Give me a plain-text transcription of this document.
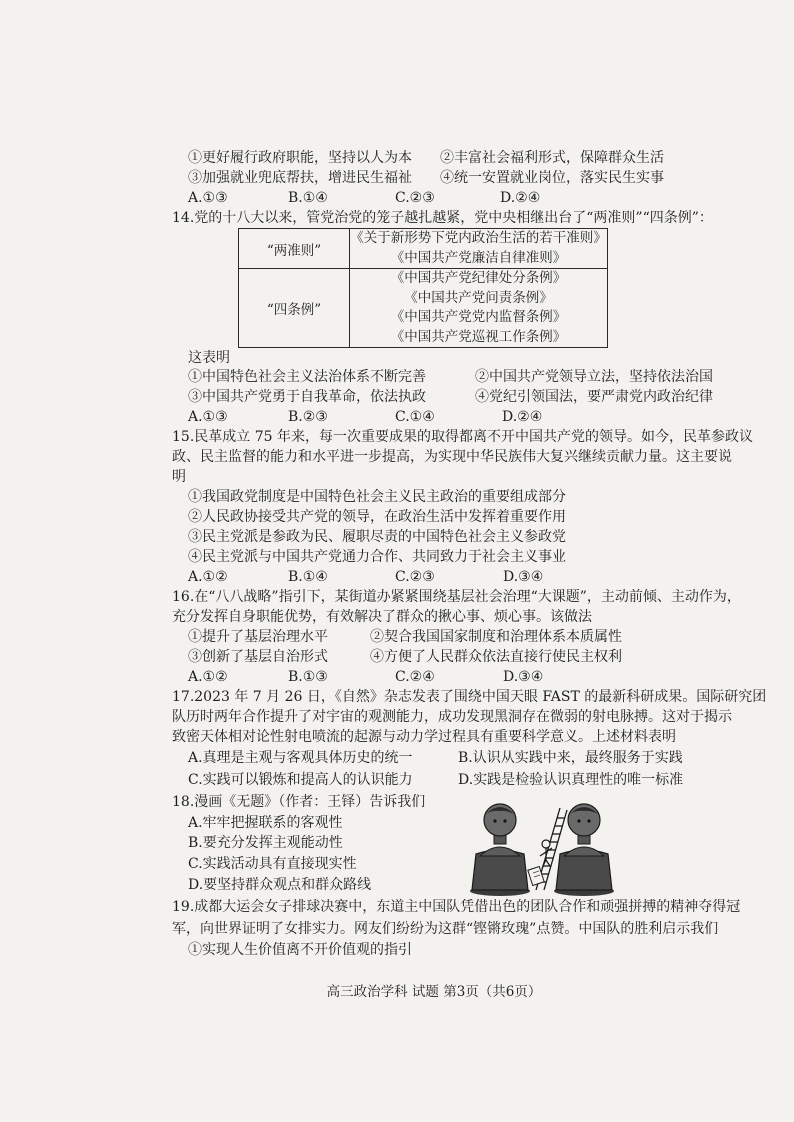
①更好履行政府职能，坚持以人为本 ②丰富社会福利形式，保障群众生活
③加强就业兜底帮扶，增进民生福祉 ④统一安置就业岗位，落实民生实事
A.①③	B.①④	C.②③	D.②④
14.党的十八大以来，管党治党的笼子越扎越紧，党中央相继出台了“两准则”“四条例”：
“两准则”	《关于新形势下党内政治生活的若干准则》
《中国共产党廉洁自律准则》

“四条例”	《中国共产党纪律处分条例》
《中国共产党问责条例》
《中国共产党党内监督条例》
《中国共产党巡视工作条例》
这表明
①中国特色社会主义法治体系不断完善	②中国共产党领导立法，坚持依法治国
③中国共产党勇于自我革命，依法执政	④党纪引领国法，要严肃党内政治纪律
A.①③	B.②③	C.①④	D.②④
15.民革成立 75 年来，每一次重要成果的取得都离不开中国共产党的领导。如今，民革参政议
政、民主监督的能力和水平进一步提高，为实现中华民族伟大复兴继续贡献力量。这主要说
明
①我国政党制度是中国特色社会主义民主政治的重要组成部分
②人民政协接受共产党的领导，在政治生活中发挥着重要作用
③民主党派是参政为民、履职尽责的中国特色社会主义参政党
④民主党派与中国共产党通力合作、共同致力于社会主义事业
A.①②	B.①④	C.②③	D.③④
16.在“八八战略”指引下，某街道办紧紧围绕基层社会治理“大课题”，主动前倾、主动作为，
充分发挥自身职能优势，有效解决了群众的揪心事、烦心事。该做法
①提升了基层治理水平	②契合我国国家制度和治理体系本质属性
③创新了基层自治形式	④方便了人民群众依法直接行使民主权利
A.①②	B.①③	C.②④	D.③④
17.2023 年 7 月 26 日，《自然》杂志发表了围绕中国天眼 FAST 的最新科研成果。国际研究团
队历时两年合作提升了对宇宙的观测能力，成功发现黑洞存在微弱的射电脉搏。这对于揭示
致密天体相对论性射电喷流的起源与动力学过程具有重要科学意义。上述材料表明
A.真理是主观与客观具体历史的统一	B.认识从实践中来，最终服务于实践
C.实践可以锻炼和提高人的认识能力	D.实践是检验认识真理性的唯一标准
18.漫画《无题》（作者：王铎）告诉我们
A.牢牢把握联系的客观性
B.要充分发挥主观能动性
C.实践活动具有直接现实性
D.要坚持群众观点和群众路线
19.成都大运会女子排球决赛中，东道主中国队凭借出色的团队合作和顽强拼搏的精神夺得冠
军，向世界证明了女排实力。网友们纷纷为这群“铿锵玫瑰”点赞。中国队的胜利启示我们
①实现人生价值离不开价值观的指引
高三政治学科 试题 第3页（共6页）
